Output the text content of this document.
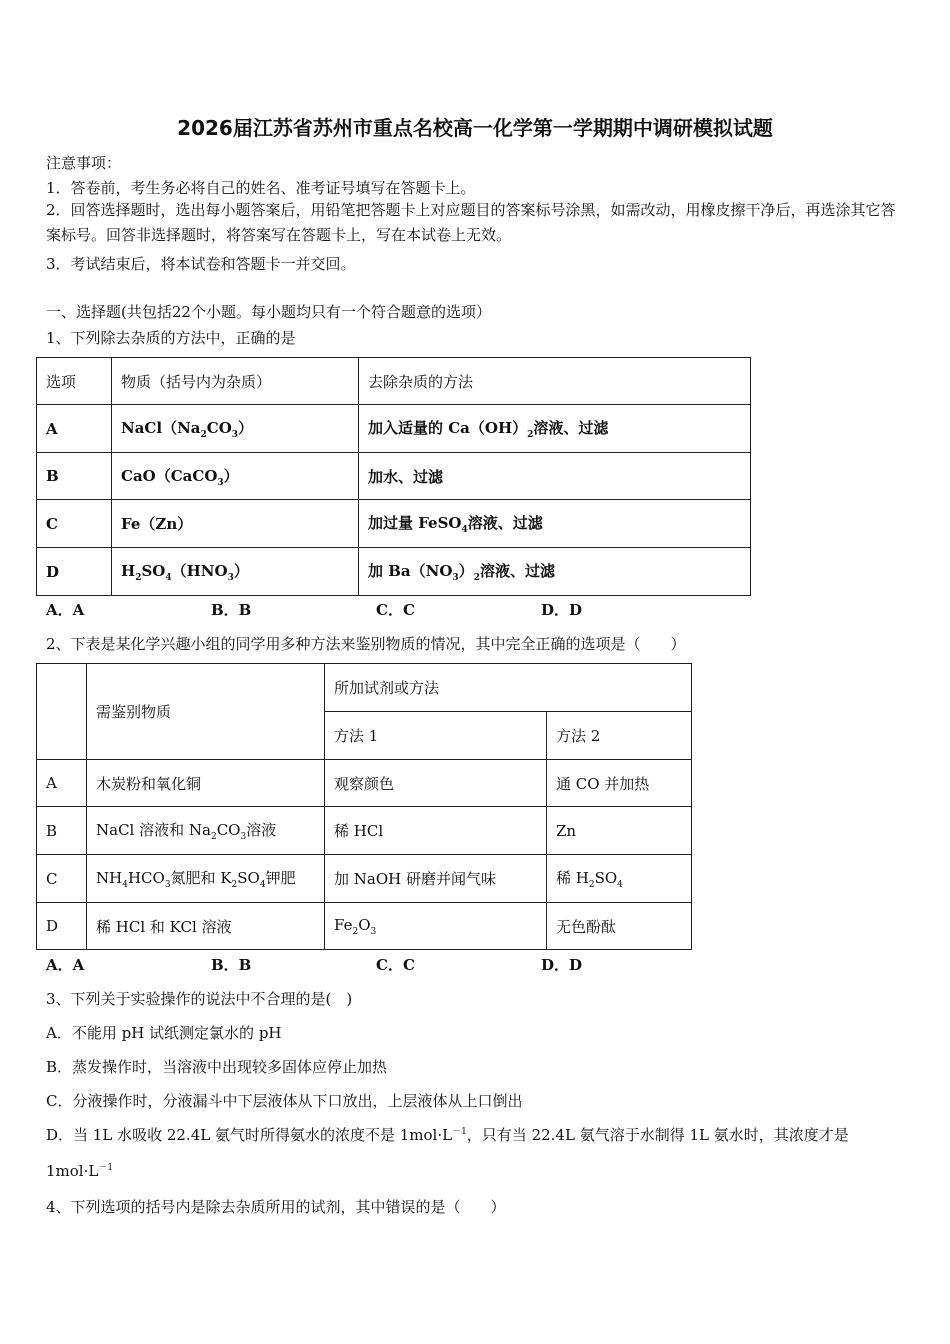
2026届江苏省苏州市重点名校高一化学第一学期期中调研模拟试题
注意事项：
1．答卷前，考生务必将自己的姓名、准考证号填写在答题卡上。
2．回答选择题时，选出每小题答案后，用铅笔把答题卡上对应题目的答案标号涂黑，如需改动，用橡皮擦干净后，再选涂其它答案标号。回答非选择题时，将答案写在答题卡上，写在本试卷上无效。
3．考试结束后，将本试卷和答题卡一并交回。
一、选择题(共包括22个小题。每小题均只有一个符合题意的选项）
1、下列除去杂质的方法中，正确的是
选项	物质（括号内为杂质）	去除杂质的方法
A	$NaCl(Na_2CO_3)$	加入适量的 $Ca(OH)_2$溶液、过滤
B	CaO（CaCO$_3$）	加水、过滤
C	Fe（Zn）	加过量 FeSO$_4$溶液、过滤
D	$H_2SO_4(HNO_3)$	加 $Ba(NO_3)_2$溶液、过滤
A．A	B．B	C．C	D．D
2、下表是某化学兴趣小组的同学用多种方法来鉴别物质的情况，其中完全正确的选项是（　　）
	需鉴别物质	所加试剂或方法	
		方法 1	方法 2
A	木炭粉和氧化铜	观察颜色	通 CO 并加热
B	NaCl 溶液和 $Na_2CO_3$溶液	稀 HCl	Zn
C	$NH_4HCO_3$氮肥和 $K_2SO_4$钾肥	加 NaOH 研磨并闻气味	稀 $H_2SO_4$
D	稀 HCl 和 KCl 溶液	$Fe_2O_3$	无色酚酞
A．A	B．B	C．C	D．D
3、下列关于实验操作的说法中不合理的是(　)
A．不能用 pH 试纸测定氯水的 pH
B．蒸发操作时，当溶液中出现较多固体应停止加热
C．分液操作时，分液漏斗中下层液体从下口放出，上层液体从上口倒出
D．当 1L 水吸收 22.4L 氨气时所得氨水的浓度不是 $1mol\cdot L^{-1}$，只有当 22.4L 氨气溶于水制得 1L 氨水时，其浓度才是
$1mol\cdot L^{-1}$
4、下列选项的括号内是除去杂质所用的试剂，其中错误的是（　　）
